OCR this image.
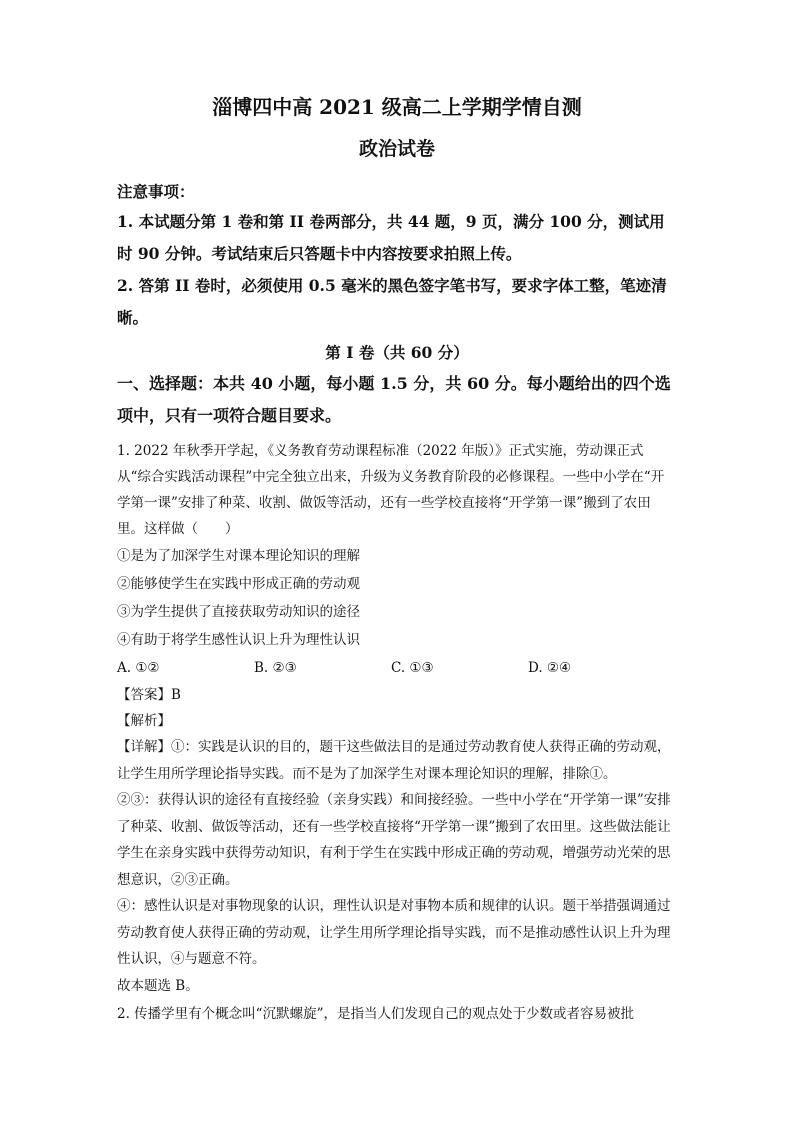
淄博四中高 2021 级高二上学期学情自测
政治试卷
注意事项：
1. 本试题分第 1 卷和第 II 卷两部分，共 44 题，9 页，满分 100 分，测试用时 90 分钟。考试结束后只答题卡中内容按要求拍照上传。
2. 答第 II 卷时，必须使用 0.5 毫米的黑色签字笔书写，要求字体工整，笔迹清晰。
第 I 卷（共 60 分）
一、选择题：本共 40 小题，每小题 1.5 分，共 60 分。每小题给出的四个选项中，只有一项符合题目要求。
1. 2022 年秋季开学起，《义务教育劳动课程标准（2022 年版）》正式实施，劳动课正式从“综合实践活动课程”中完全独立出来，升级为义务教育阶段的必修课程。一些中小学在“开学第一课”安排了种菜、收割、做饭等活动，还有一些学校直接将“开学第一课”搬到了农田里。这样做（　　）
①是为了加深学生对课本理论知识的理解
②能够使学生在实践中形成正确的劳动观
③为学生提供了直接获取劳动知识的途径
④有助于将学生感性认识上升为理性认识
A. ①②	B. ②③	C. ①③	D. ②④
【答案】B
【解析】
【详解】①：实践是认识的目的，题干这些做法目的是通过劳动教育使人获得正确的劳动观，让学生用所学理论指导实践。而不是为了加深学生对课本理论知识的理解，排除①。
②③：获得认识的途径有直接经验（亲身实践）和间接经验。一些中小学在“开学第一课”安排了种菜、收割、做饭等活动，还有一些学校直接将“开学第一课”搬到了农田里。这些做法能让学生在亲身实践中获得劳动知识，有利于学生在实践中形成正确的劳动观，增强劳动光荣的思想意识，②③正确。
④：感性认识是对事物现象的认识，理性认识是对事物本质和规律的认识。题干举措强调通过劳动教育使人获得正确的劳动观，让学生用所学理论指导实践，而不是推动感性认识上升为理性认识，④与题意不符。
故本题选 B。
2. 传播学里有个概念叫“沉默螺旋”，是指当人们发现自己的观点处于少数或者容易被批
